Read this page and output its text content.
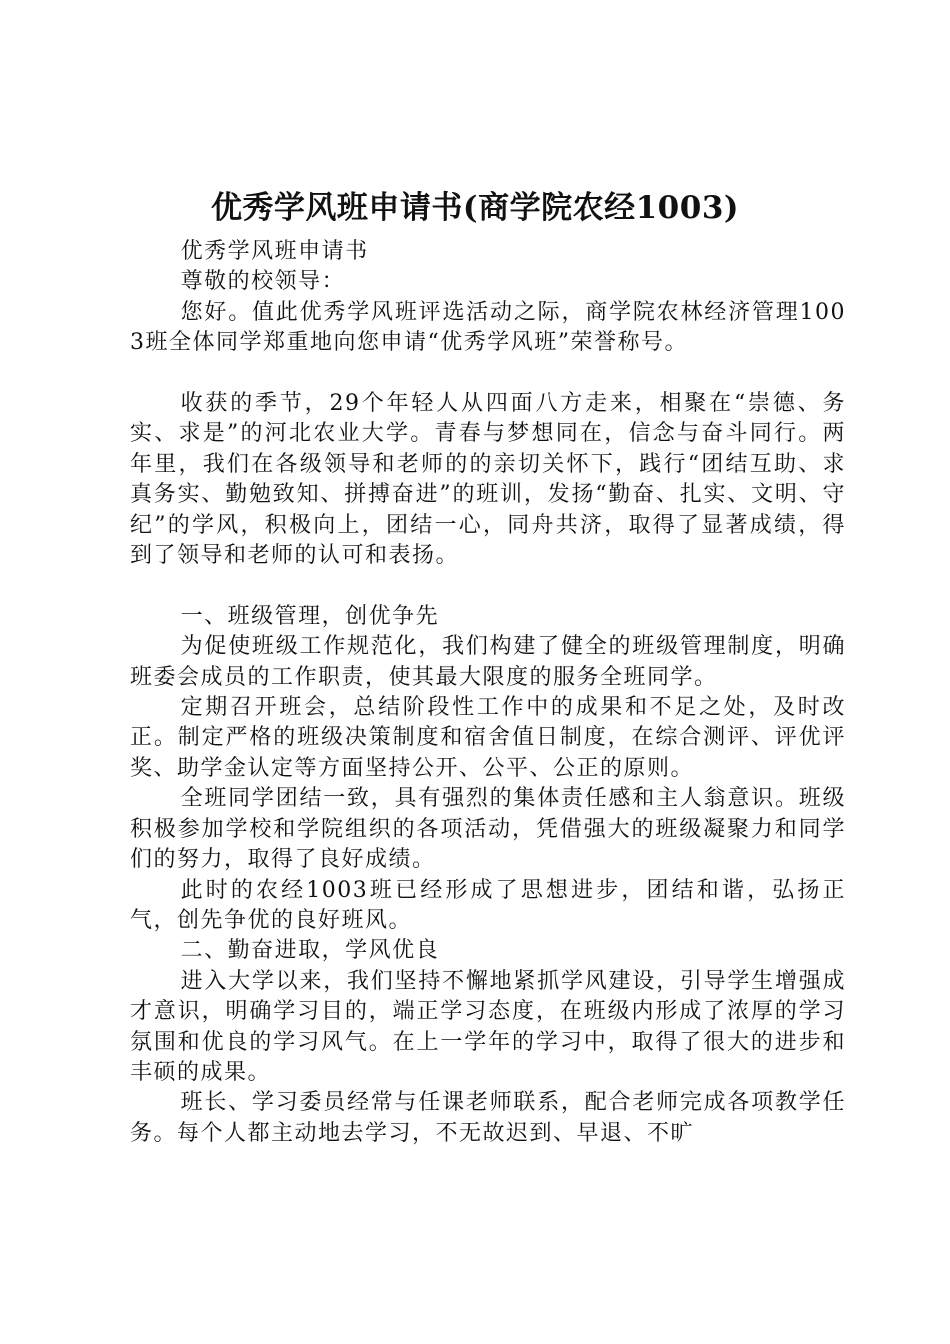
优秀学风班申请书(商学院农经1003)

优秀学风班申请书

尊敬的校领导：

您好。值此优秀学风班评选活动之际，商学院农林经济管理1003班全体同学郑重地向您申请“优秀学风班”荣誉称号。

收获的季节，29个年轻人从四面八方走来，相聚在“崇德、务实、求是”的河北农业大学。青春与梦想同在，信念与奋斗同行。两年里，我们在各级领导和老师的的亲切关怀下，践行“团结互助、求真务实、勤勉致知、拼搏奋进”的班训，发扬“勤奋、扎实、文明、守纪”的学风，积极向上，团结一心，同舟共济，取得了显著成绩，得到了领导和老师的认可和表扬。

一、班级管理，创优争先

为促使班级工作规范化，我们构建了健全的班级管理制度，明确班委会成员的工作职责，使其最大限度的服务全班同学。

定期召开班会，总结阶段性工作中的成果和不足之处，及时改正。制定严格的班级决策制度和宿舍值日制度，在综合测评、评优评奖、助学金认定等方面坚持公开、公平、公正的原则。

全班同学团结一致，具有强烈的集体责任感和主人翁意识。班级积极参加学校和学院组织的各项活动，凭借强大的班级凝聚力和同学们的努力，取得了良好成绩。

此时的农经1003班已经形成了思想进步，团结和谐，弘扬正气，创先争优的良好班风。

二、勤奋进取，学风优良

进入大学以来，我们坚持不懈地紧抓学风建设，引导学生增强成才意识，明确学习目的，端正学习态度，在班级内形成了浓厚的学习氛围和优良的学习风气。在上一学年的学习中，取得了很大的进步和丰硕的成果。

班长、学习委员经常与任课老师联系，配合老师完成各项教学任务。每个人都主动地去学习，不无故迟到、早退、不旷
